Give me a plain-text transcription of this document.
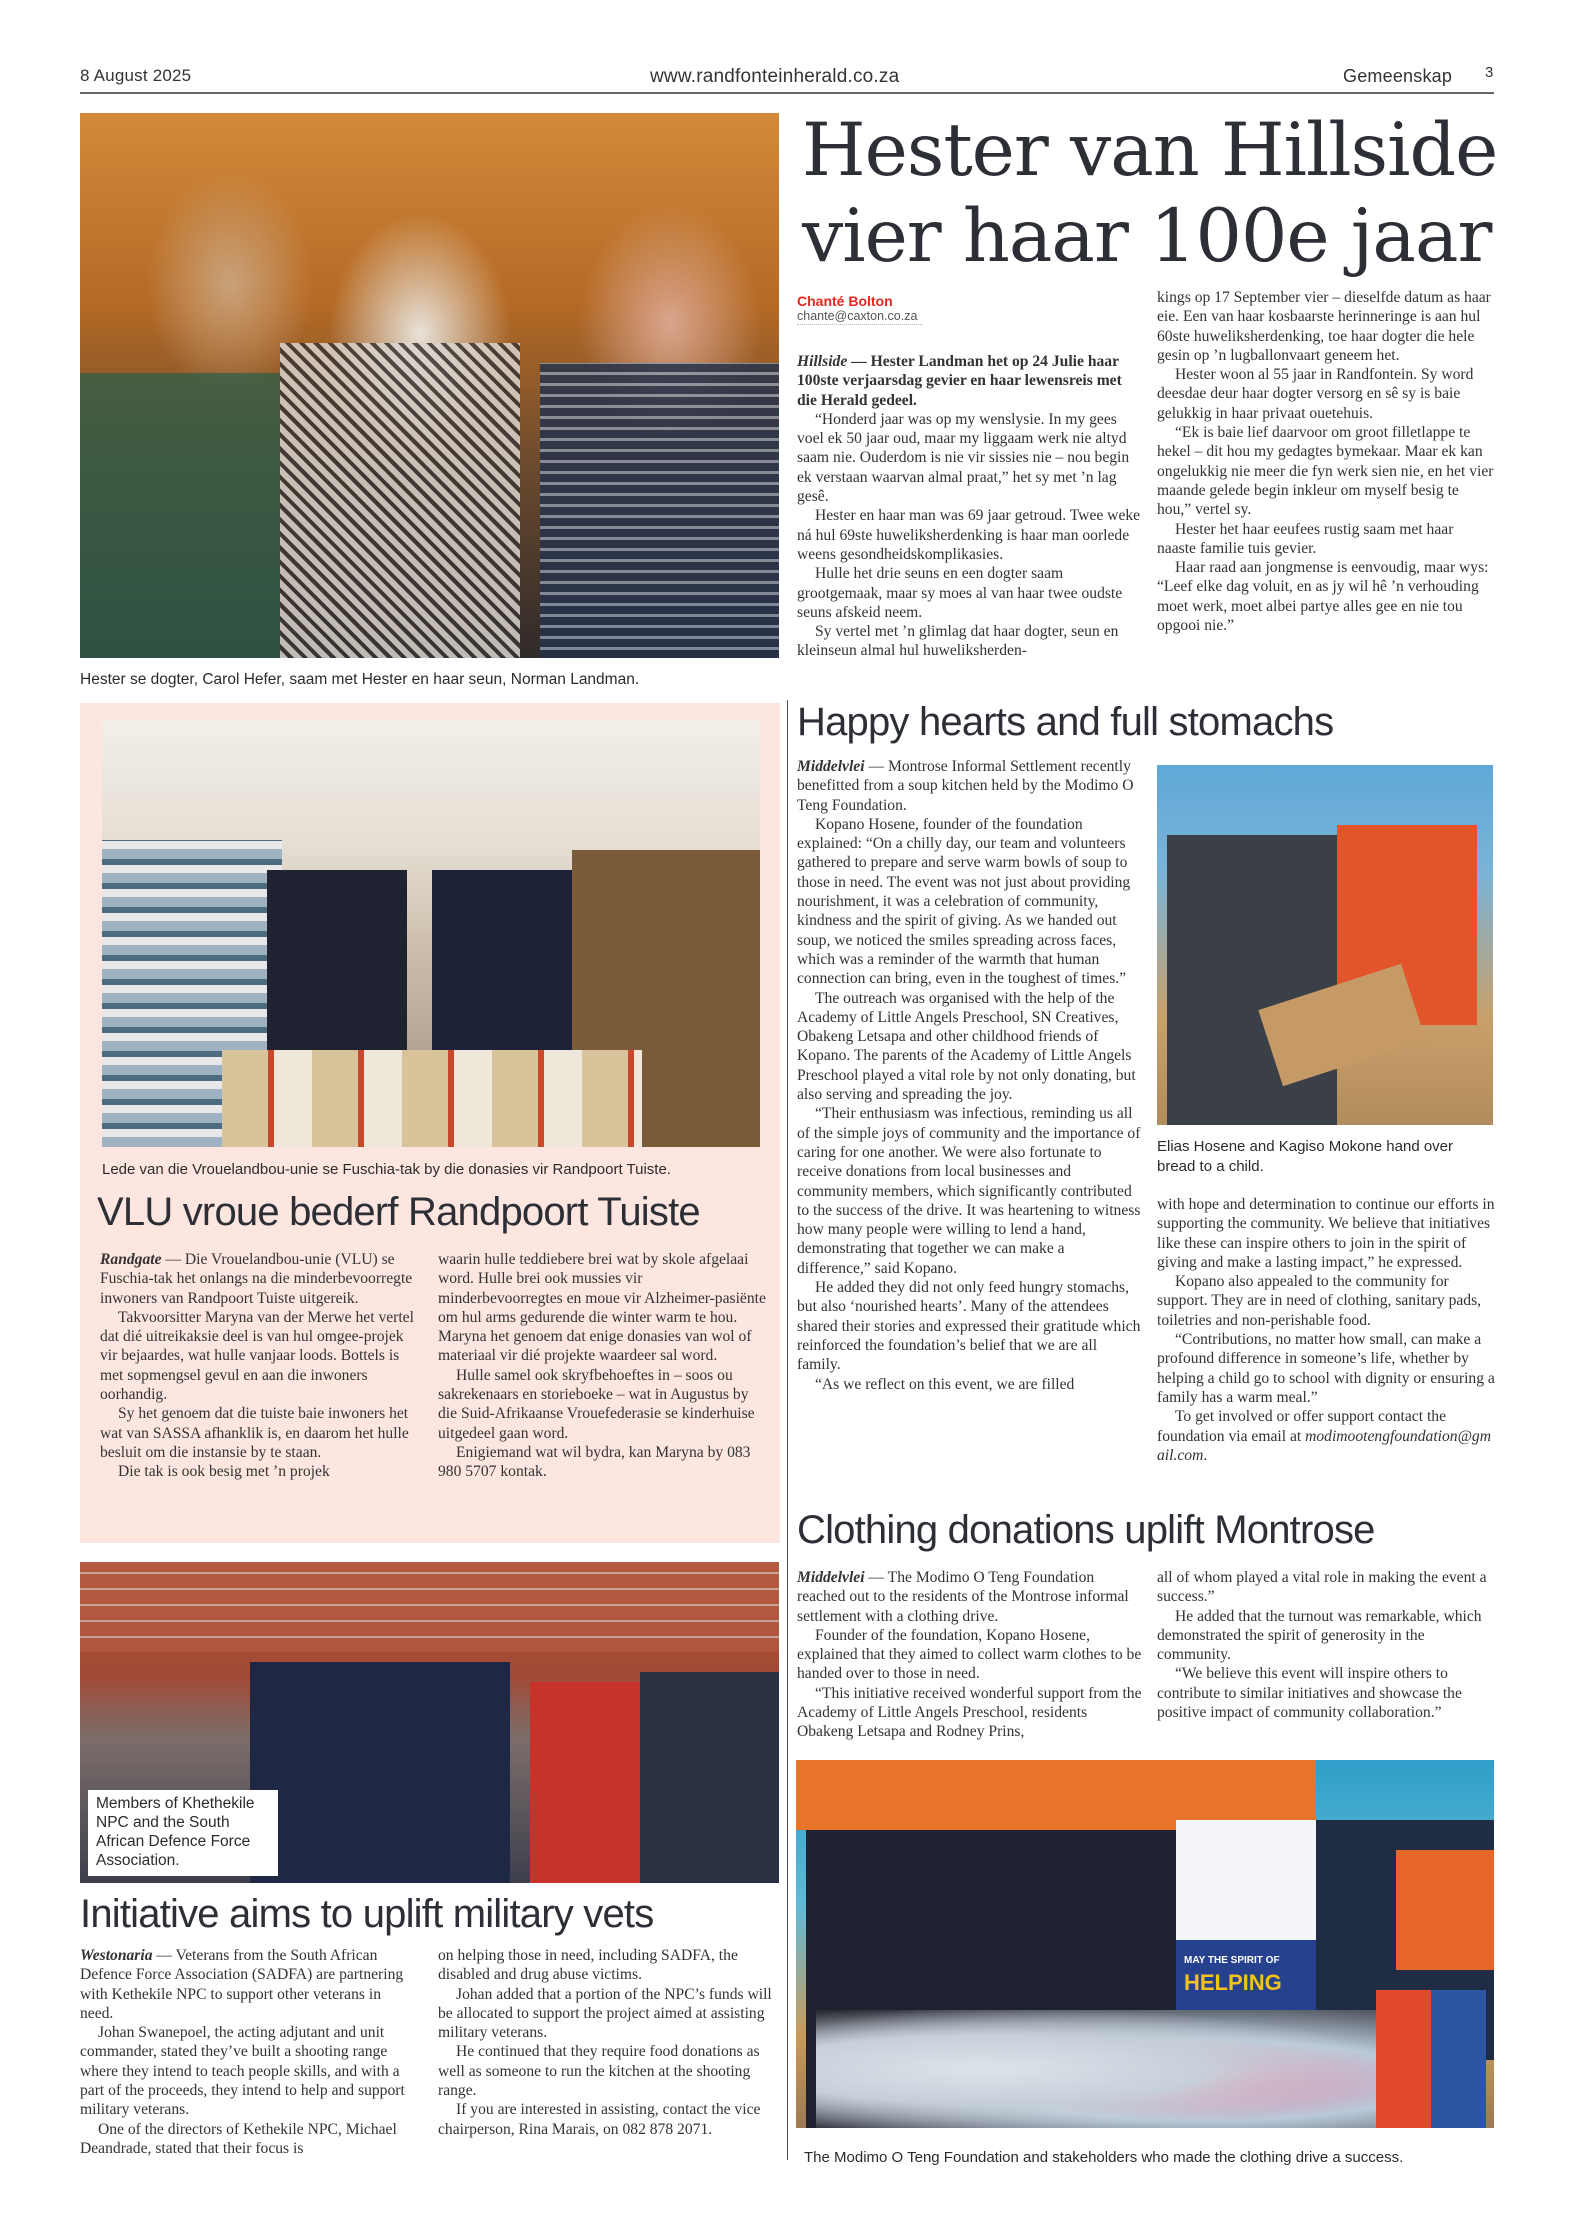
8 August 2025	www.randfonteinherald.co.za	Gemeenskap 3
Hester se dogter, Carol Hefer, saam met Hester en haar seun, Norman Landman.
Hester van Hillside
vier haar 100e jaar
Chanté Bolton
chante@caxton.co.za

Hillside — Hester Landman het op 24 Julie haar 100ste verjaarsdag gevier en haar lewensreis met die Herald gedeel.

“Honderd jaar was op my wenslysie. In my gees voel ek 50 jaar oud, maar my liggaam werk nie altyd saam nie. Ouderdom is nie vir sissies nie – nou begin ek verstaan waarvan almal praat,” het sy met ’n lag gesê.

Hester en haar man was 69 jaar getroud. Twee weke ná hul 69ste huweliksherdenking is haar man oorlede weens gesondheidskomplikasies.

Hulle het drie seuns en een dogter saam grootgemaak, maar sy moes al van haar twee oudste seuns afskeid neem.

Sy vertel met ’n glimlag dat haar dogter, seun en kleinseun almal hul huweliksherden-

kings op 17 September vier – dieselfde datum as haar eie. Een van haar kosbaarste herinneringe is aan hul 60ste huweliksherdenking, toe haar dogter die hele gesin op ’n lugballonvaart geneem het.

Hester woon al 55 jaar in Randfontein. Sy word deesdae deur haar dogter versorg en sê sy is baie gelukkig in haar privaat ouetehuis.

“Ek is baie lief daarvoor om groot filletlappe te hekel – dit hou my gedagtes bymekaar. Maar ek kan ongelukkig nie meer die fyn werk sien nie, en het vier maande gelede begin inkleur om myself besig te hou,” vertel sy.

Hester het haar eeufees rustig saam met haar naaste familie tuis gevier.

Haar raad aan jongmense is eenvoudig, maar wys: “Leef elke dag voluit, en as jy wil hê ’n verhouding moet werk, moet albei partye alles gee en nie tou opgooi nie.”

Lede van die Vrouelandbou-unie se Fuschia-tak by die donasies vir Randpoort Tuiste.
VLU vroue bederf Randpoort Tuiste

Randgate — Die Vrouelandbou-unie (VLU) se Fuschia-tak het onlangs na die minderbevoorregte inwoners van Randpoort Tuiste uitgereik.

Takvoorsitter Maryna van der Merwe het vertel dat dié uitreikaksie deel is van hul omgee-projek vir bejaardes, wat hulle vanjaar loods. Bottels is met sopmengsel gevul en aan die inwoners oorhandig.

Sy het genoem dat die tuiste baie inwoners het wat van SASSA afhanklik is, en daarom het hulle besluit om die instansie by te staan.

Die tak is ook besig met ’n projek

waarin hulle teddiebere brei wat by skole afgelaai word. Hulle brei ook mussies vir minderbevoorregtes en moue vir Alzheimer-pasiënte om hul arms gedurende die winter warm te hou. Maryna het genoem dat enige donasies van wol of materiaal vir dié projekte waardeer sal word.

Hulle samel ook skryfbehoeftes in – soos ou sakrekenaars en storieboeke – wat in Augustus by die Suid-Afrikaanse Vrouefederasie se kinderhuise uitgedeel gaan word.

Enigiemand wat wil bydra, kan Maryna by 083 980 5707 kontak.

Members of Khethekile NPC and the South African Defence Force Association.
Initiative aims to uplift military vets

Westonaria — Veterans from the South African Defence Force Association (SADFA) are partnering with Kethekile NPC to support other veterans in need.

Johan Swanepoel, the acting adjutant and unit commander, stated they’ve built a shooting range where they intend to teach people skills, and with a part of the proceeds, they intend to help and support military veterans.

One of the directors of Kethekile NPC, Michael Deandrade, stated that their focus is

on helping those in need, including SADFA, the disabled and drug abuse victims.

Johan added that a portion of the NPC’s funds will be allocated to support the project aimed at assisting military veterans.

He continued that they require food donations as well as someone to run the kitchen at the shooting range.

If you are interested in assisting, contact the vice chairperson, Rina Marais, on 082 878 2071.

Happy hearts and full stomachs

Middelvlei — Montrose Informal Settlement recently benefitted from a soup kitchen held by the Modimo O Teng Foundation.

Kopano Hosene, founder of the foundation explained: “On a chilly day, our team and volunteers gathered to prepare and serve warm bowls of soup to those in need. The event was not just about providing nourishment, it was a celebration of community, kindness and the spirit of giving. As we handed out soup, we noticed the smiles spreading across faces, which was a reminder of the warmth that human connection can bring, even in the toughest of times.”

The outreach was organised with the help of the Academy of Little Angels Preschool, SN Creatives, Obakeng Letsapa and other childhood friends of Kopano. The parents of the Academy of Little Angels Preschool played a vital role by not only donating, but also serving and spreading the joy.

“Their enthusiasm was infectious, reminding us all of the simple joys of community and the importance of caring for one another. We were also fortunate to receive donations from local businesses and community members, which significantly contributed to the success of the drive. It was heartening to witness how many people were willing to lend a hand, demonstrating that together we can make a difference,” said Kopano.

He added they did not only feed hungry stomachs, but also ‘nourished hearts’. Many of the attendees shared their stories and expressed their gratitude which reinforced the foundation’s belief that we are all family.

“As we reflect on this event, we are filled

Elias Hosene and Kagiso Mokone hand over bread to a child.

with hope and determination to continue our efforts in supporting the community. We believe that initiatives like these can inspire others to join in the spirit of giving and make a lasting impact,” he expressed.

Kopano also appealed to the community for support. They are in need of clothing, sanitary pads, toiletries and non-perishable food.

“Contributions, no matter how small, can make a profound difference in someone’s life, whether by helping a child go to school with dignity or ensuring a family has a warm meal.”

To get involved or offer support contact the foundation via email at modimootengfoundation@gmail.com.

Clothing donations uplift Montrose

Middelvlei — The Modimo O Teng Foundation reached out to the residents of the Montrose informal settlement with a clothing drive.

Founder of the foundation, Kopano Hosene, explained that they aimed to collect warm clothes to be handed over to those in need.

“This initiative received wonderful support from the Academy of Little Angels Preschool, residents Obakeng Letsapa and Rodney Prins,

all of whom played a vital role in making the event a success.”

He added that the turnout was remarkable, which demonstrated the spirit of generosity in the community.

“We believe this event will inspire others to contribute to similar initiatives and showcase the positive impact of community collaboration.”

MAY THE SPIRIT OF
HELPING
The Modimo O Teng Foundation and stakeholders who made the clothing drive a success.
